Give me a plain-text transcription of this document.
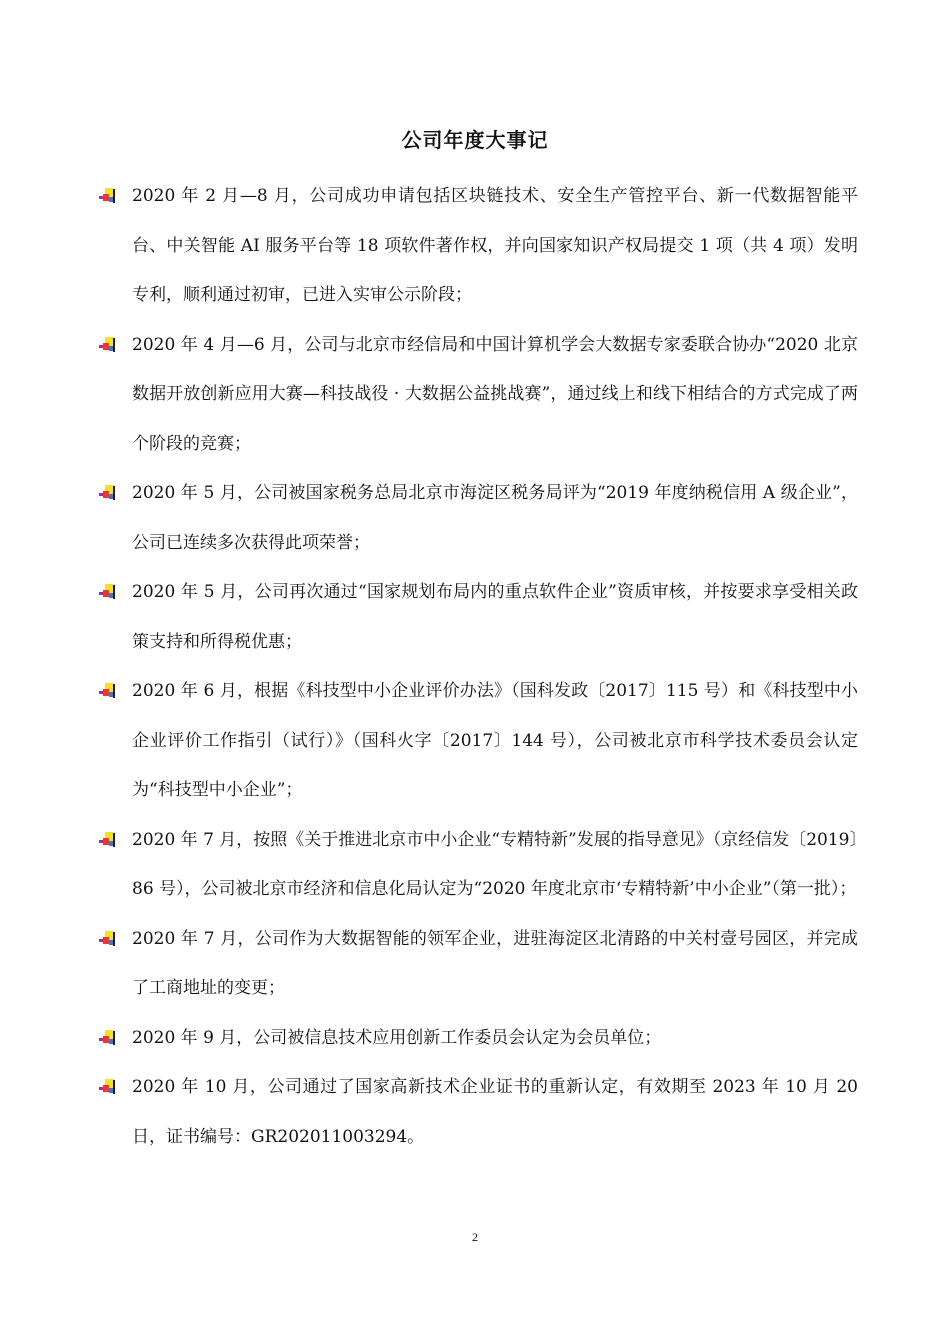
公司年度大事记
2020 年 2 月—8 月，公司成功申请包括区块链技术、安全生产管控平台、新一代数据智能平台、中关智能 AI 服务平台等 18 项软件著作权，并向国家知识产权局提交 1 项（共 4 项）发明专利，顺利通过初审，已进入实审公示阶段；
2020 年 4 月—6 月，公司与北京市经信局和中国计算机学会大数据专家委联合协办“2020 北京数据开放创新应用大赛—科技战役 · 大数据公益挑战赛”，通过线上和线下相结合的方式完成了两个阶段的竞赛；
2020 年 5 月，公司被国家税务总局北京市海淀区税务局评为“2019 年度纳税信用 A 级企业”，公司已连续多次获得此项荣誉；
2020 年 5 月，公司再次通过“国家规划布局内的重点软件企业”资质审核，并按要求享受相关政策支持和所得税优惠；
2020 年 6 月，根据《科技型中小企业评价办法》（国科发政〔2017〕115 号）和《科技型中小企业评价工作指引（试行）》（国科火字〔2017〕144 号），公司被北京市科学技术委员会认定为“科技型中小企业”；
2020 年 7 月，按照《关于推进北京市中小企业“专精特新”发展的指导意见》（京经信发〔2019〕86 号），公司被北京市经济和信息化局认定为“2020 年度北京市‘专精特新’中小企业”（第一批）；
2020 年 7 月，公司作为大数据智能的领军企业，进驻海淀区北清路的中关村壹号园区，并完成了工商地址的变更；
2020 年 9 月，公司被信息技术应用创新工作委员会认定为会员单位；
2020 年 10 月，公司通过了国家高新技术企业证书的重新认定，有效期至 2023 年 10 月 20 日，证书编号：GR202011003294。
2
